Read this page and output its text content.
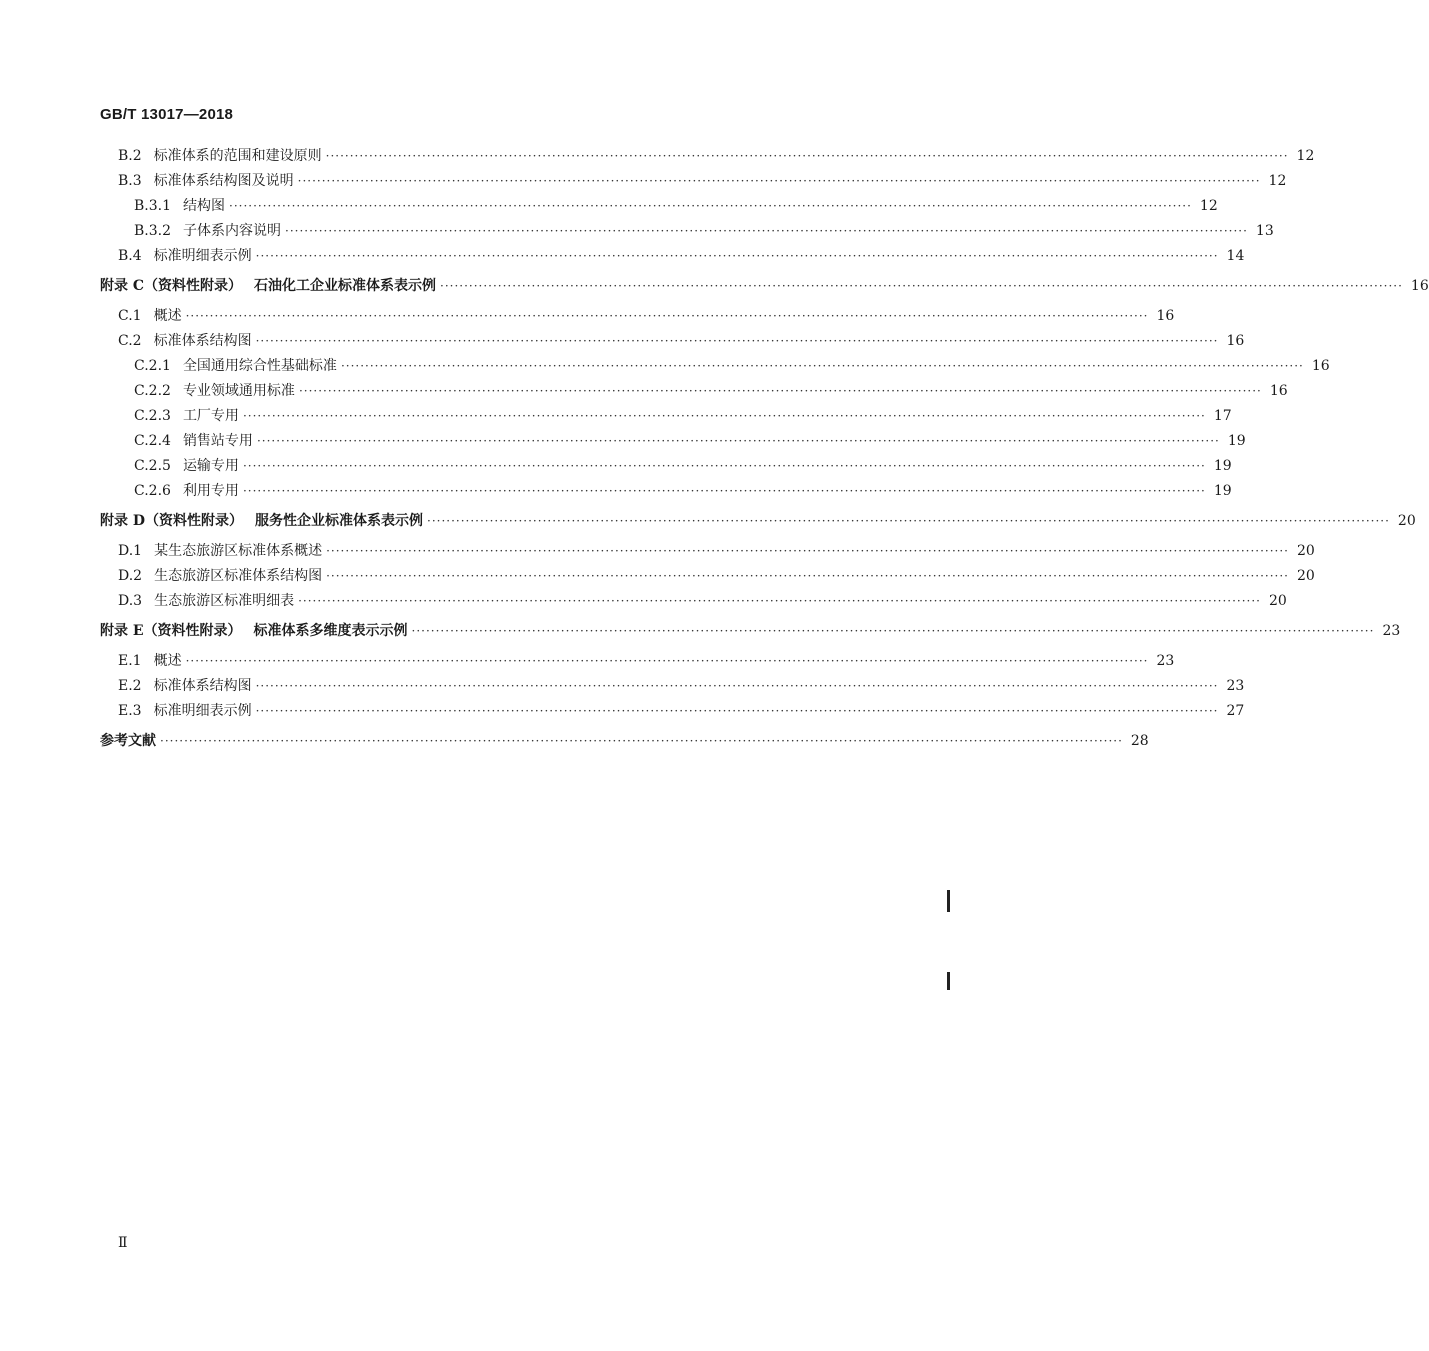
GB/T 13017—2018
B.2 标准体系的范围和建设原则 ········································································································································································································ 12
B.3 标准体系结构图及说明 ········································································································································································································ 12
B.3.1 结构图 ········································································································································································································ 12
B.3.2 子体系内容说明 ········································································································································································································ 13
B.4 标准明细表示例 ········································································································································································································ 14
附录 C（资料性附录） 石油化工企业标准体系表示例 ········································································································································································································ 16
C.1 概述 ········································································································································································································ 16
C.2 标准体系结构图 ········································································································································································································ 16
C.2.1 全国通用综合性基础标准 ········································································································································································································ 16
C.2.2 专业领域通用标准 ········································································································································································································ 16
C.2.3 工厂专用 ········································································································································································································ 17
C.2.4 销售站专用 ········································································································································································································ 19
C.2.5 运输专用 ········································································································································································································ 19
C.2.6 利用专用 ········································································································································································································ 19
附录 D（资料性附录） 服务性企业标准体系表示例 ········································································································································································································ 20
D.1 某生态旅游区标准体系概述 ········································································································································································································ 20
D.2 生态旅游区标准体系结构图 ········································································································································································································ 20
D.3 生态旅游区标准明细表 ········································································································································································································ 20
附录 E（资料性附录） 标准体系多维度表示示例 ········································································································································································································ 23
E.1 概述 ········································································································································································································ 23
E.2 标准体系结构图 ········································································································································································································ 23
E.3 标准明细表示例 ········································································································································································································ 27
参考文献 ········································································································································································································ 28
Ⅱ
